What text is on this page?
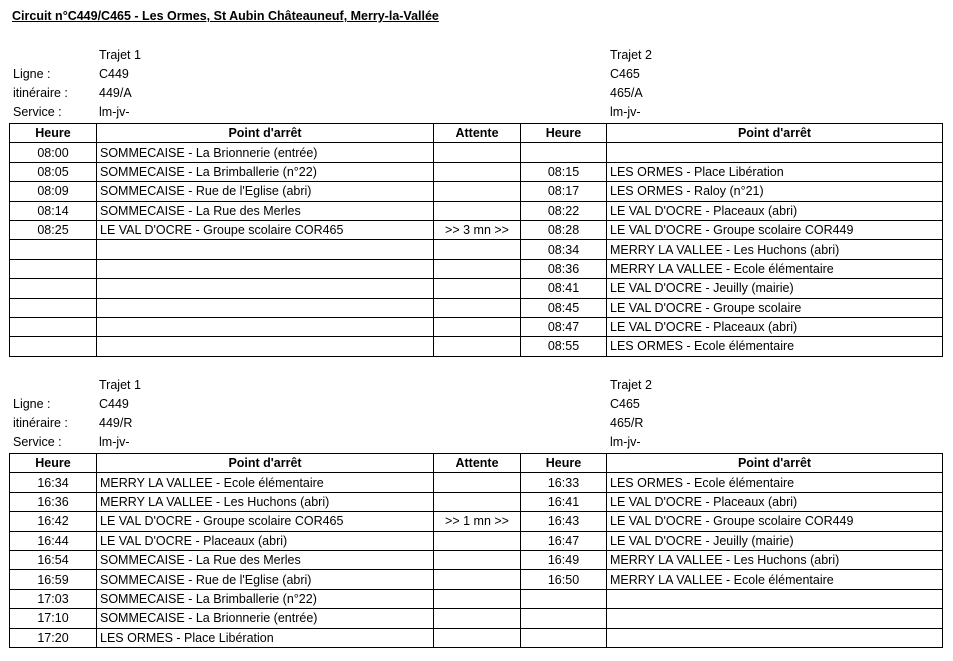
Circuit n°C449/C465 - Les Ormes, St Aubin Châteauneuf, Merry-la-Vallée
Trajet 1	Trajet 2
Ligne :	C449	C465
itinéraire : 449/A	465/A
Service :	lm-jv-	lm-jv-
Heure	Point d'arrêt	Attente	Heure	Point d'arrêt
08:00	SOMMECAISE - La Brionnerie (entrée)			
08:05	SOMMECAISE - La Brimballerie (n°22)		08:15	LES ORMES - Place Libération
08:09	SOMMECAISE - Rue de l'Eglise (abri)		08:17	LES ORMES - Raloy (n°21)
08:14	SOMMECAISE - La Rue des Merles		08:22	LE VAL D'OCRE - Placeaux (abri)
08:25	LE VAL D'OCRE - Groupe scolaire COR465	>> 3 mn >>	08:28	LE VAL D'OCRE - Groupe scolaire COR449
			08:34	MERRY LA VALLEE - Les Huchons (abri)
			08:36	MERRY LA VALLEE - Ecole élémentaire
			08:41	LE VAL D'OCRE - Jeuilly (mairie)
			08:45	LE VAL D'OCRE - Groupe scolaire
			08:47	LE VAL D'OCRE - Placeaux (abri)
			08:55	LES ORMES - Ecole élémentaire
Trajet 1	Trajet 2
Ligne :	C449	C465
itinéraire : 449/R	465/R
Service :	lm-jv-	lm-jv-
Heure	Point d'arrêt	Attente	Heure	Point d'arrêt
16:34	MERRY LA VALLEE - Ecole élémentaire		16:33	LES ORMES - Ecole élémentaire
16:36	MERRY LA VALLEE - Les Huchons (abri)		16:41	LE VAL D'OCRE - Placeaux (abri)
16:42	LE VAL D'OCRE - Groupe scolaire COR465	>> 1 mn >>	16:43	LE VAL D'OCRE - Groupe scolaire COR449
16:44	LE VAL D'OCRE - Placeaux (abri)		16:47	LE VAL D'OCRE - Jeuilly (mairie)
16:54	SOMMECAISE - La Rue des Merles		16:49	MERRY LA VALLEE - Les Huchons (abri)
16:59	SOMMECAISE - Rue de l'Eglise (abri)		16:50	MERRY LA VALLEE - Ecole élémentaire
17:03	SOMMECAISE - La Brimballerie (n°22)			
17:10	SOMMECAISE - La Brionnerie (entrée)			
17:20	LES ORMES - Place Libération			
